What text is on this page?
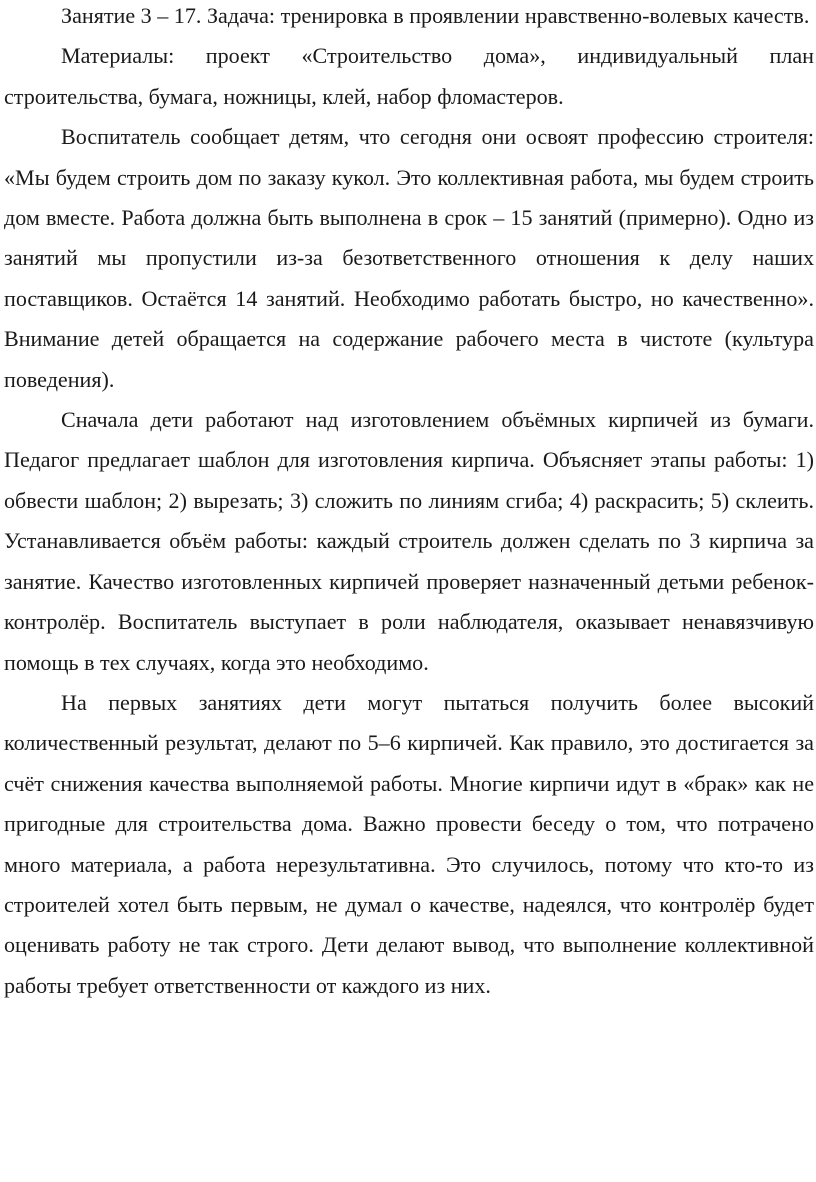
Занятие 3 – 17. Задача: тренировка в проявлении нравственно-волевых качеств.

Материалы: проект «Строительство дома», индивидуальный план строительства, бумага, ножницы, клей, набор фломастеров.

Воспитатель сообщает детям, что сегодня они освоят профессию строителя: «Мы будем строить дом по заказу кукол. Это коллективная работа, мы будем строить дом вместе. Работа должна быть выполнена в срок – 15 занятий (примерно). Одно из занятий мы пропустили из-за безответственного отношения к делу наших поставщиков. Остаётся 14 занятий. Необходимо работать быстро, но качественно». Внимание детей обращается на содержание рабочего места в чистоте (культура поведения).

Сначала дети работают над изготовлением объёмных кирпичей из бумаги. Педагог предлагает шаблон для изготовления кирпича. Объясняет этапы работы: 1) обвести шаблон; 2) вырезать; 3) сложить по линиям сгиба; 4) раскрасить; 5) склеить. Устанавливается объём работы: каждый строитель должен сделать по 3 кирпича за занятие. Качество изготовленных кирпичей проверяет назначенный детьми ребенок-контролёр. Воспитатель выступает в роли наблюдателя, оказывает ненавязчивую помощь в тех случаях, когда это необходимо.

На первых занятиях дети могут пытаться получить более высокий количественный результат, делают по 5–6 кирпичей. Как правило, это достигается за счёт снижения качества выполняемой работы. Многие кирпичи идут в «брак» как не пригодные для строительства дома. Важно провести беседу о том, что потрачено много материала, а работа нерезультативна. Это случилось, потому что кто-то из строителей хотел быть первым, не думал о качестве, надеялся, что контролёр будет оценивать работу не так строго. Дети делают вывод, что выполнение коллективной работы требует ответственности от каждого из них.
